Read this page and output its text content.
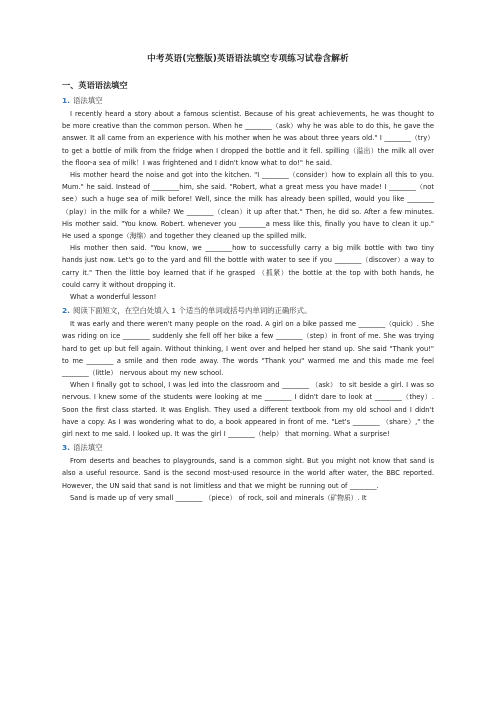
中考英语(完整版)英语语法填空专项练习试卷含解析
一、英语语法填空
1. 语法填空

I recently heard a story about a famous scientist. Because of his great achievements, he was thought to be more creative than the common person. When he ________（ask）why he was able to do this, he gave the answer. It all came from an experience with his mother when he was about three years old." I ________（try）to get a bottle of milk from the fridge when I dropped the bottle and it fell. spilling（溢出）the milk all over the floor-a sea of milk！I was frightened and I didn't know what to do!" he said.

His mother heard the noise and got into the kitchen. "I ________（consider）how to explain all this to you. Mum." he said. Instead of ________him, she said. "Robert, what a great mess you have made! I ________（not see）such a huge sea of milk before! Well, since the milk has already been spilled, would you like ________（play）in the milk for a while? We ________（clean）it up after that." Then, he did so. After a few minutes. His mother said. "You know. Robert. whenever you ________a mess like this, finally you have to clean it up." He used a sponge（海绵）and together they cleaned up the spilled milk.

His mother then said. "You know, we ________how to successfully carry a big milk bottle with two tiny hands just now. Let's go to the yard and fill the bottle with water to see if you ________（discover）a way to carry it." Then the little boy learned that if he grasped （抓紧）the bottle at the top with both hands, he could carry it without dropping it.

What a wonderful lesson!

2. 阅读下面短文，在空白处填入 1 个适当的单词或括号内单词的正确形式。

It was early and there weren't many people on the road. A girl on a bike passed me ________（quick）. She was riding on ice ________ suddenly she fell off her bike a few ________（step）in front of me. She was trying hard to get up but fell again. Without thinking, I went over and helped her stand up. She said "Thank you!" to me ________ a smile and then rode away. The words "Thank you" warmed me and this made me feel ________（little） nervous about my new school.

When I finally got to school, I was led into the classroom and ________ （ask） to sit beside a girl. I was so nervous. I knew some of the students were looking at me ________ I didn't dare to look at ________（they）. Soon the first class started. It was English. They used a different textbook from my old school and I didn't have a copy. As I was wondering what to do, a book appeared in front of me. "Let's ________ （share）," the girl next to me said. I looked up. It was the girl I ________（help） that morning. What a surprise!

3. 语法填空

From deserts and beaches to playgrounds, sand is a common sight. But you might not know that sand is also a useful resource. Sand is the second most-used resource in the world after water, the BBC reported. However, the UN said that sand is not limitless and that we might be running out of ________.

Sand is made up of very small ________ （piece） of rock, soil and minerals（矿物质）. It
